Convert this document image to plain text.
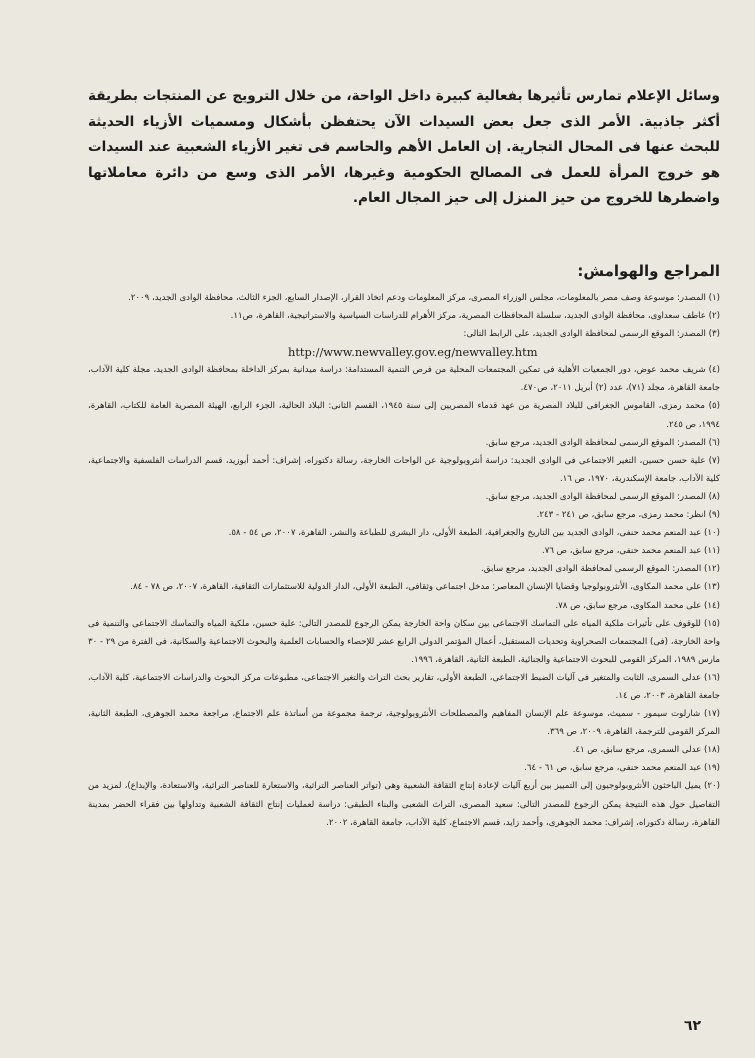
وسائل الإعلام تمارس تأثيرها بفعالية كبيرة داخل الواحة، من خلال الترويج عن المنتجات بطريقة أكثر جاذبية. الأمر الذى جعل بعض السيدات الآن يحتفظن بأشكال ومسميات الأزياء الحديثة للبحث عنها فى المحال التجارية. إن العامل الأهم والحاسم فى تغير الأزياء الشعبية عند السيدات هو خروج المرأة للعمل فى المصالح الحكومية وغيرها، الأمر الذى وسع من دائرة معاملاتها واضطرها للخروج من حيز المنزل إلى حيز المجال العام.

المراجع والهوامش:
(١) المصدر: موسوعة وصف مصر بالمعلومات، مجلس الوزراء المصرى، مركز المعلومات ودعم اتخاذ القرار، الإصدار السابع، الجزء الثالث، محافظة الوادى الجديد، ٢٠٠٩.
(٢) عاطف سعداوى، محافظة الوادى الجديد، سلسلة المحافظات المصرية، مركز الأهرام للدراسات السياسية والاستراتيجية، القاهرة، ص١١.
(٣) المصدر: الموقع الرسمى لمحافظة الوادى الجديد، على الرابط التالى:
http://www.newvalley.gov.eg/newvalley.htm
(٤) شريف محمد عوض، دور الجمعيات الأهلية فى تمكين المجتمعات المحلية من فرص التنمية المستدامة: دراسة ميدانية بمركز الداخلة بمحافظة الوادى الجديد، مجلة كلية الآداب، جامعة القاهرة، مجلد (٧١)، عدد (٢) أبريل ٢٠١١، ص٤٧٠.
(٥) محمد رمزى، القاموس الجغرافى للبلاد المصرية من عهد قدماء المصريين إلى سنة ١٩٤٥، القسم الثانى: البلاد الحالية، الجزء الرابع، الهيئة المصرية العامة للكتاب، القاهرة، ١٩٩٤، ص ٢٤٥.
(٦) المصدر: الموقع الرسمى لمحافظة الوادى الجديد، مرجع سابق.
(٧) علية حسن حسين، التغير الاجتماعى فى الوادى الجديد: دراسة أنثروبولوجية عن الواحات الخارجة، رسالة دكتوراه، إشراف: أحمد أبوزيد، قسم الدراسات الفلسفية والاجتماعية، كلية الآداب، جامعة الإسكندرية، ١٩٧٠، ص ١٦.
(٨) المصدر: الموقع الرسمى لمحافظة الوادى الجديد، مرجع سابق.
(٩) انظر: محمد رمزى، مرجع سابق، ص ٢٤١ - ٢٤٣.
(١٠) عبد المنعم محمد حنفى، الوادى الجديد بين التاريخ والجغرافية، الطبعة الأولى، دار البشرى للطباعة والنشر، القاهرة، ٢٠٠٧، ص ٥٤ - ٥٨.
(١١) عبد المنعم محمد حنفى، مرجع سابق، ص ٧٦.
(١٢) المصدر: الموقع الرسمى لمحافظة الوادى الجديد، مرجع سابق.
(١٣) على محمد المكاوى، الأنثروبولوجيا وقضايا الإنسان المعاصر: مدخل اجتماعى وثقافى، الطبعة الأولى، الدار الدولية للاستثمارات الثقافية، القاهرة، ٢٠٠٧، ص ٧٨ - ٨٤.
(١٤) على محمد المكاوى، مرجع سابق، ص ٧٨.
(١٥) للوقوف على تأثيرات ملكية المياه على التماسك الاجتماعى بين سكان واحة الخارجة يمكن الرجوع للمصدر التالى: علية حسين، ملكية المياه والتماسك الاجتماعى والتنمية فى واحة الخارجة، (فى) المجتمعات الصحراوية وتحديات المستقبل، أعمال المؤتمر الدولى الرابع عشر للإحصاء والحسابات العلمية والبحوث الاجتماعية والسكانية، فى الفترة من ٢٩ - ٣٠ مارس ١٩٨٩، المركز القومى للبحوث الاجتماعية والجنائية، الطبعة الثانية، القاهرة، ١٩٩٦.
(١٦) عدلى السمرى، الثابت والمتغير فى آليات الضبط الاجتماعى، الطبعة الأولى، تقارير بحث التراث والتغير الاجتماعى، مطبوعات مركز البحوث والدراسات الاجتماعية، كلية الآداب، جامعة القاهرة، ٢٠٠٣، ص ١٤.
(١٧) شارلوت سيمور - سميث، موسوعة علم الإنسان المفاهيم والمصطلحات الأنثروبولوجية، ترجمة مجموعة من أساتذة علم الاجتماع، مراجعة محمد الجوهرى، الطبعة الثانية، المركز القومى للترجمة، القاهرة، ٢٠٠٩، ص ٣٦٩.
(١٨) عدلى السمرى، مرجع سابق، ص ٤١.
(١٩) عبد المنعم محمد حنفى، مرجع سابق، ص ٦١ - ٦٤.
(٢٠) يميل الباحثون الأنثروبولوجيون إلى التمييز بين أربع آليات لإعادة إنتاج الثقافة الشعبية وهى (تواتر العناصر التراثية، والاستعارة للعناصر التراثية، والاستعادة، والإبداع)، لمزيد من التفاصيل حول هذه النتيجة يمكن الرجوع للمصدر التالى: سعيد المصرى، التراث الشعبى والبناء الطبقى: دراسة لعمليات إنتاج الثقافة الشعبية وتداولها بين فقراء الحضر بمدينة القاهرة، رسالة دكتوراه، إشراف: محمد الجوهرى، وأحمد زايد، قسم الاجتماع، كلية الآداب، جامعة القاهرة، ٢٠٠٢.
٦٢
